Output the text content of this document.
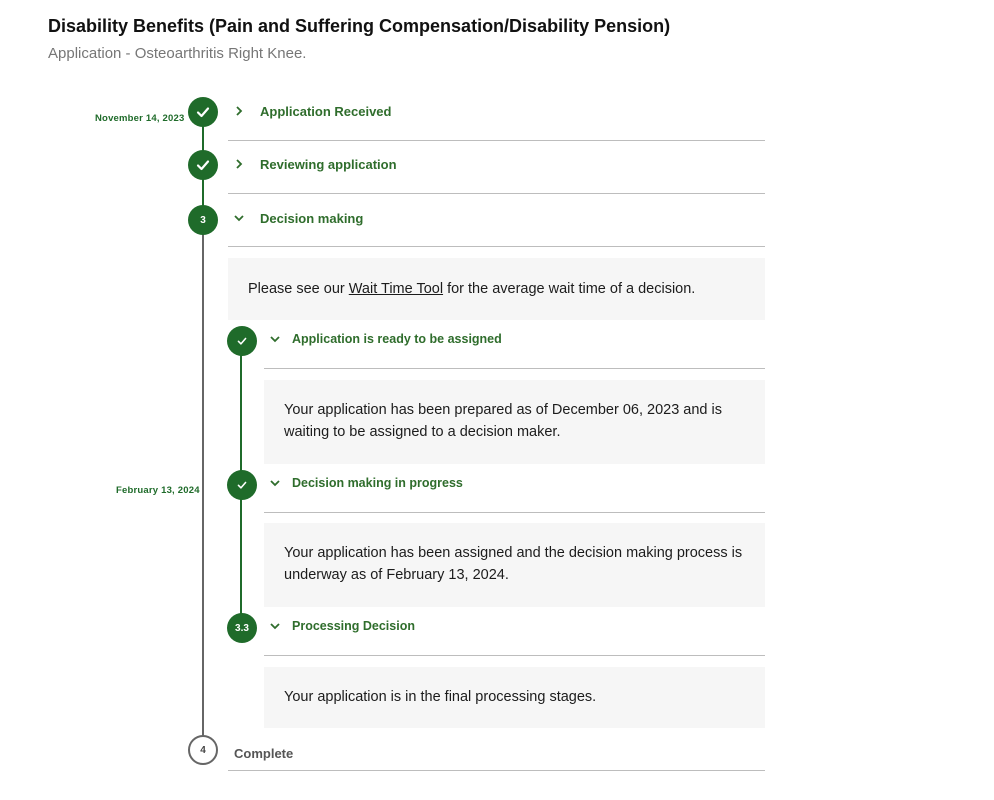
Disability Benefits (Pain and Suffering Compensation/Disability Pension)
Application - Osteoarthritis Right Knee.
November 14, 2023	Application Received
Reviewing application
3	Decision making
Please see our Wait Time Tool for the average wait time of a decision.
Application is ready to be assigned
Your application has been prepared as of December 06, 2023 and is waiting to be assigned to a decision maker.
February 13, 2024
Decision making in progress
Your application has been assigned and the decision making process is underway as of February 13, 2024.
3.3	Processing Decision
Your application is in the final processing stages.
4	Complete
